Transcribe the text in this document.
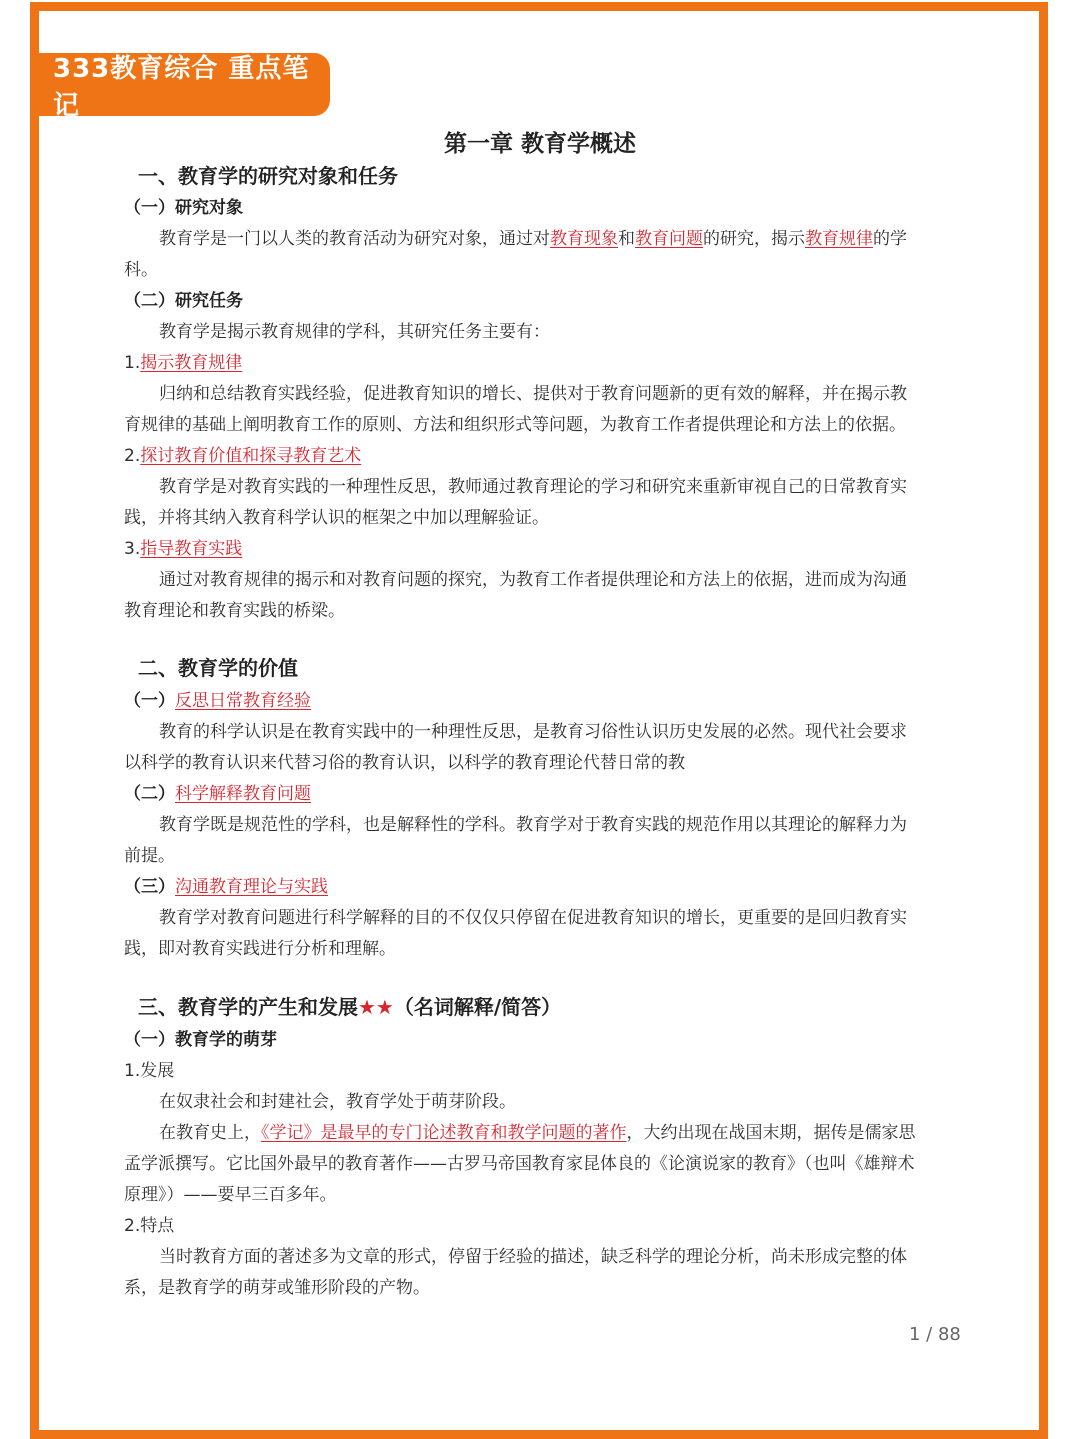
333教育综合 重点笔记
第一章 教育学概述
一、教育学的研究对象和任务
（一）研究对象
教育学是一门以人类的教育活动为研究对象，通过对教育现象和教育问题的研究，揭示教育规律的学
科。
（二）研究任务
教育学是揭示教育规律的学科，其研究任务主要有：
1.揭示教育规律
归纳和总结教育实践经验，促进教育知识的增长、提供对于教育问题新的更有效的解释，并在揭示教
育规律的基础上阐明教育工作的原则、方法和组织形式等问题，为教育工作者提供理论和方法上的依据。
2.探讨教育价值和探寻教育艺术
教育学是对教育实践的一种理性反思，教师通过教育理论的学习和研究来重新审视自己的日常教育实
践，并将其纳入教育科学认识的框架之中加以理解验证。
3.指导教育实践
通过对教育规律的揭示和对教育问题的探究，为教育工作者提供理论和方法上的依据，进而成为沟通
教育理论和教育实践的桥梁。
二、教育学的价值
（一）反思日常教育经验
教育的科学认识是在教育实践中的一种理性反思，是教育习俗性认识历史发展的必然。现代社会要求
以科学的教育认识来代替习俗的教育认识，以科学的教育理论代替日常的教
（二）科学解释教育问题
教育学既是规范性的学科，也是解释性的学科。教育学对于教育实践的规范作用以其理论的解释力为
前提。
（三）沟通教育理论与实践
教育学对教育问题进行科学解释的目的不仅仅只停留在促进教育知识的增长，更重要的是回归教育实
践，即对教育实践进行分析和理解。
三、教育学的产生和发展★★（名词解释/简答）
（一）教育学的萌芽
1.发展
在奴隶社会和封建社会，教育学处于萌芽阶段。
在教育史上，《学记》是最早的专门论述教育和教学问题的著作，大约出现在战国末期，据传是儒家思
孟学派撰写。它比国外最早的教育著作——古罗马帝国教育家昆体良的《论演说家的教育》（也叫《雄辩术
原理》）——要早三百多年。
2.特点
当时教育方面的著述多为文章的形式，停留于经验的描述，缺乏科学的理论分析，尚未形成完整的体
系，是教育学的萌芽或雏形阶段的产物。
1 / 88
